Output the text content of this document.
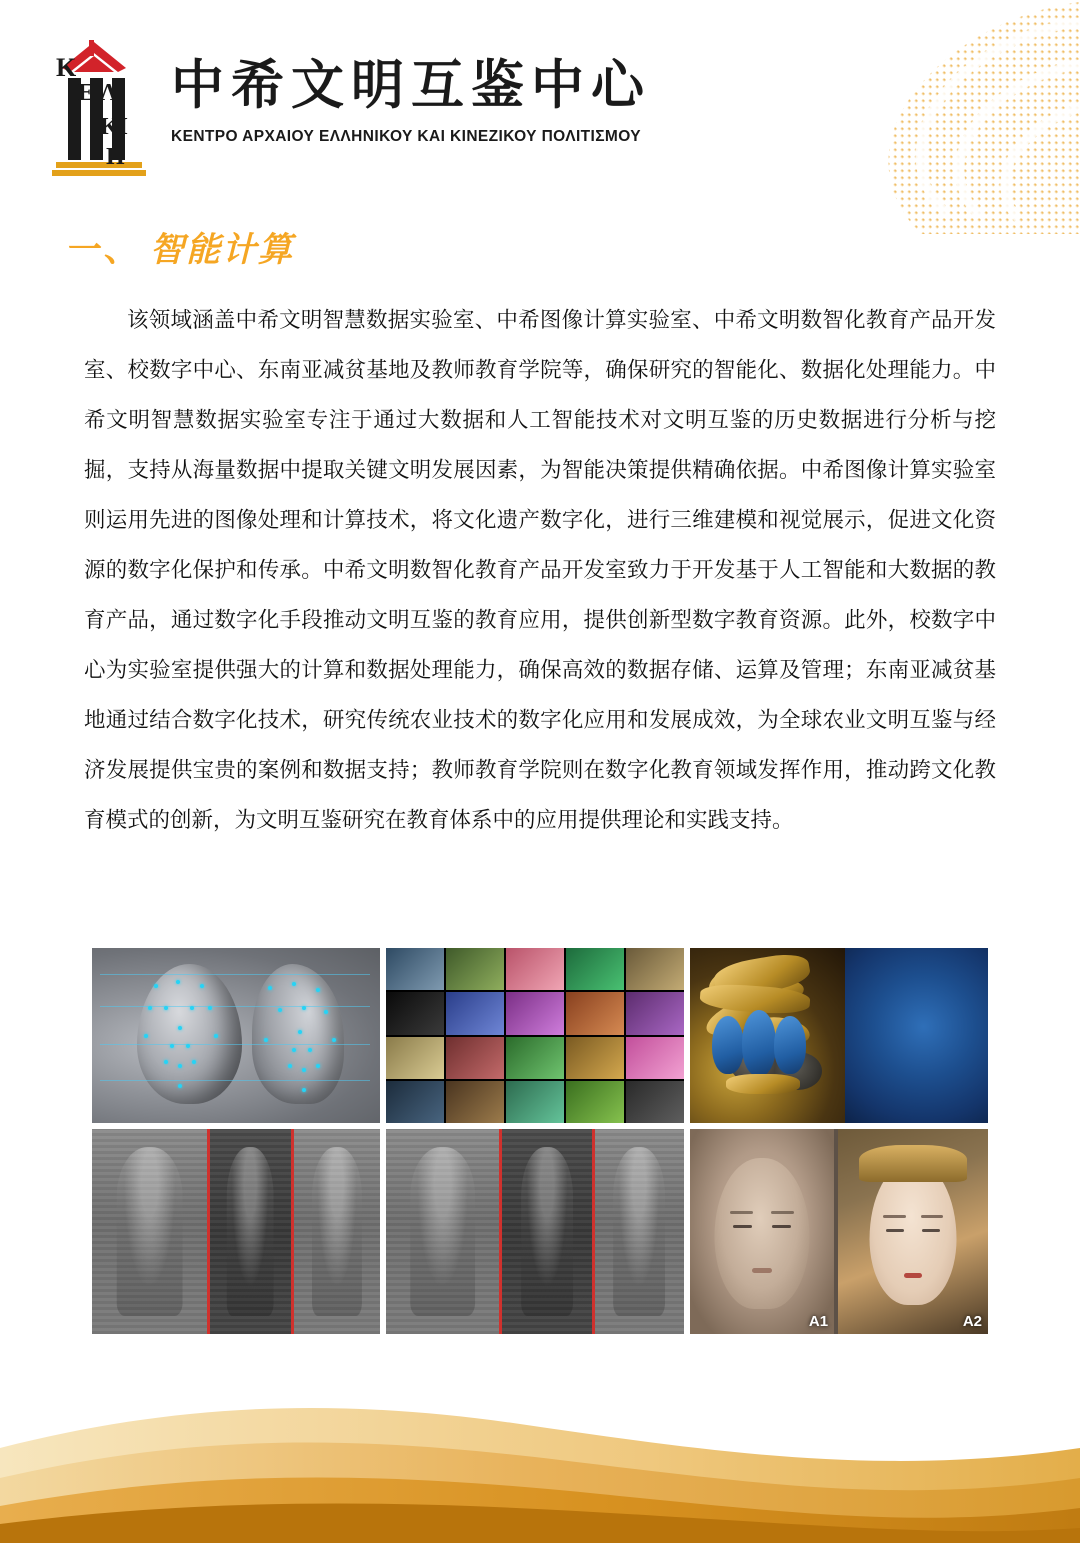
K
E Λ
KI
Π
中希文明互鉴中心
ΚΕΝΤΡΟ ΑΡΧΑΙΟΥ ΕΛΛΗΝΙΚΟΥ ΚΑΙ ΚΙΝΕΖΙΚΟΥ ΠΟΛΙΤΙΣΜΟΥ
一、 智能计算
该领域涵盖中希文明智慧数据实验室、中希图像计算实验室、中希文明数智化教育产品开发室、校数字中心、东南亚减贫基地及教师教育学院等，确保研究的智能化、数据化处理能力。中希文明智慧数据实验室专注于通过大数据和人工智能技术对文明互鉴的历史数据进行分析与挖掘，支持从海量数据中提取关键文明发展因素，为智能决策提供精确依据。中希图像计算实验室则运用先进的图像处理和计算技术，将文化遗产数字化，进行三维建模和视觉展示，促进文化资源的数字化保护和传承。中希文明数智化教育产品开发室致力于开发基于人工智能和大数据的教育产品，通过数字化手段推动文明互鉴的教育应用，提供创新型数字教育资源。此外，校数字中心为实验室提供强大的计算和数据处理能力，确保高效的数据存储、运算及管理；东南亚减贫基地通过结合数字化技术，研究传统农业技术的数字化应用和发展成效，为全球农业文明互鉴与经济发展提供宝贵的案例和数据支持；教师教育学院则在数字化教育领域发挥作用，推动跨文化教育模式的创新，为文明互鉴研究在教育体系中的应用提供理论和实践支持。
A1	A2
